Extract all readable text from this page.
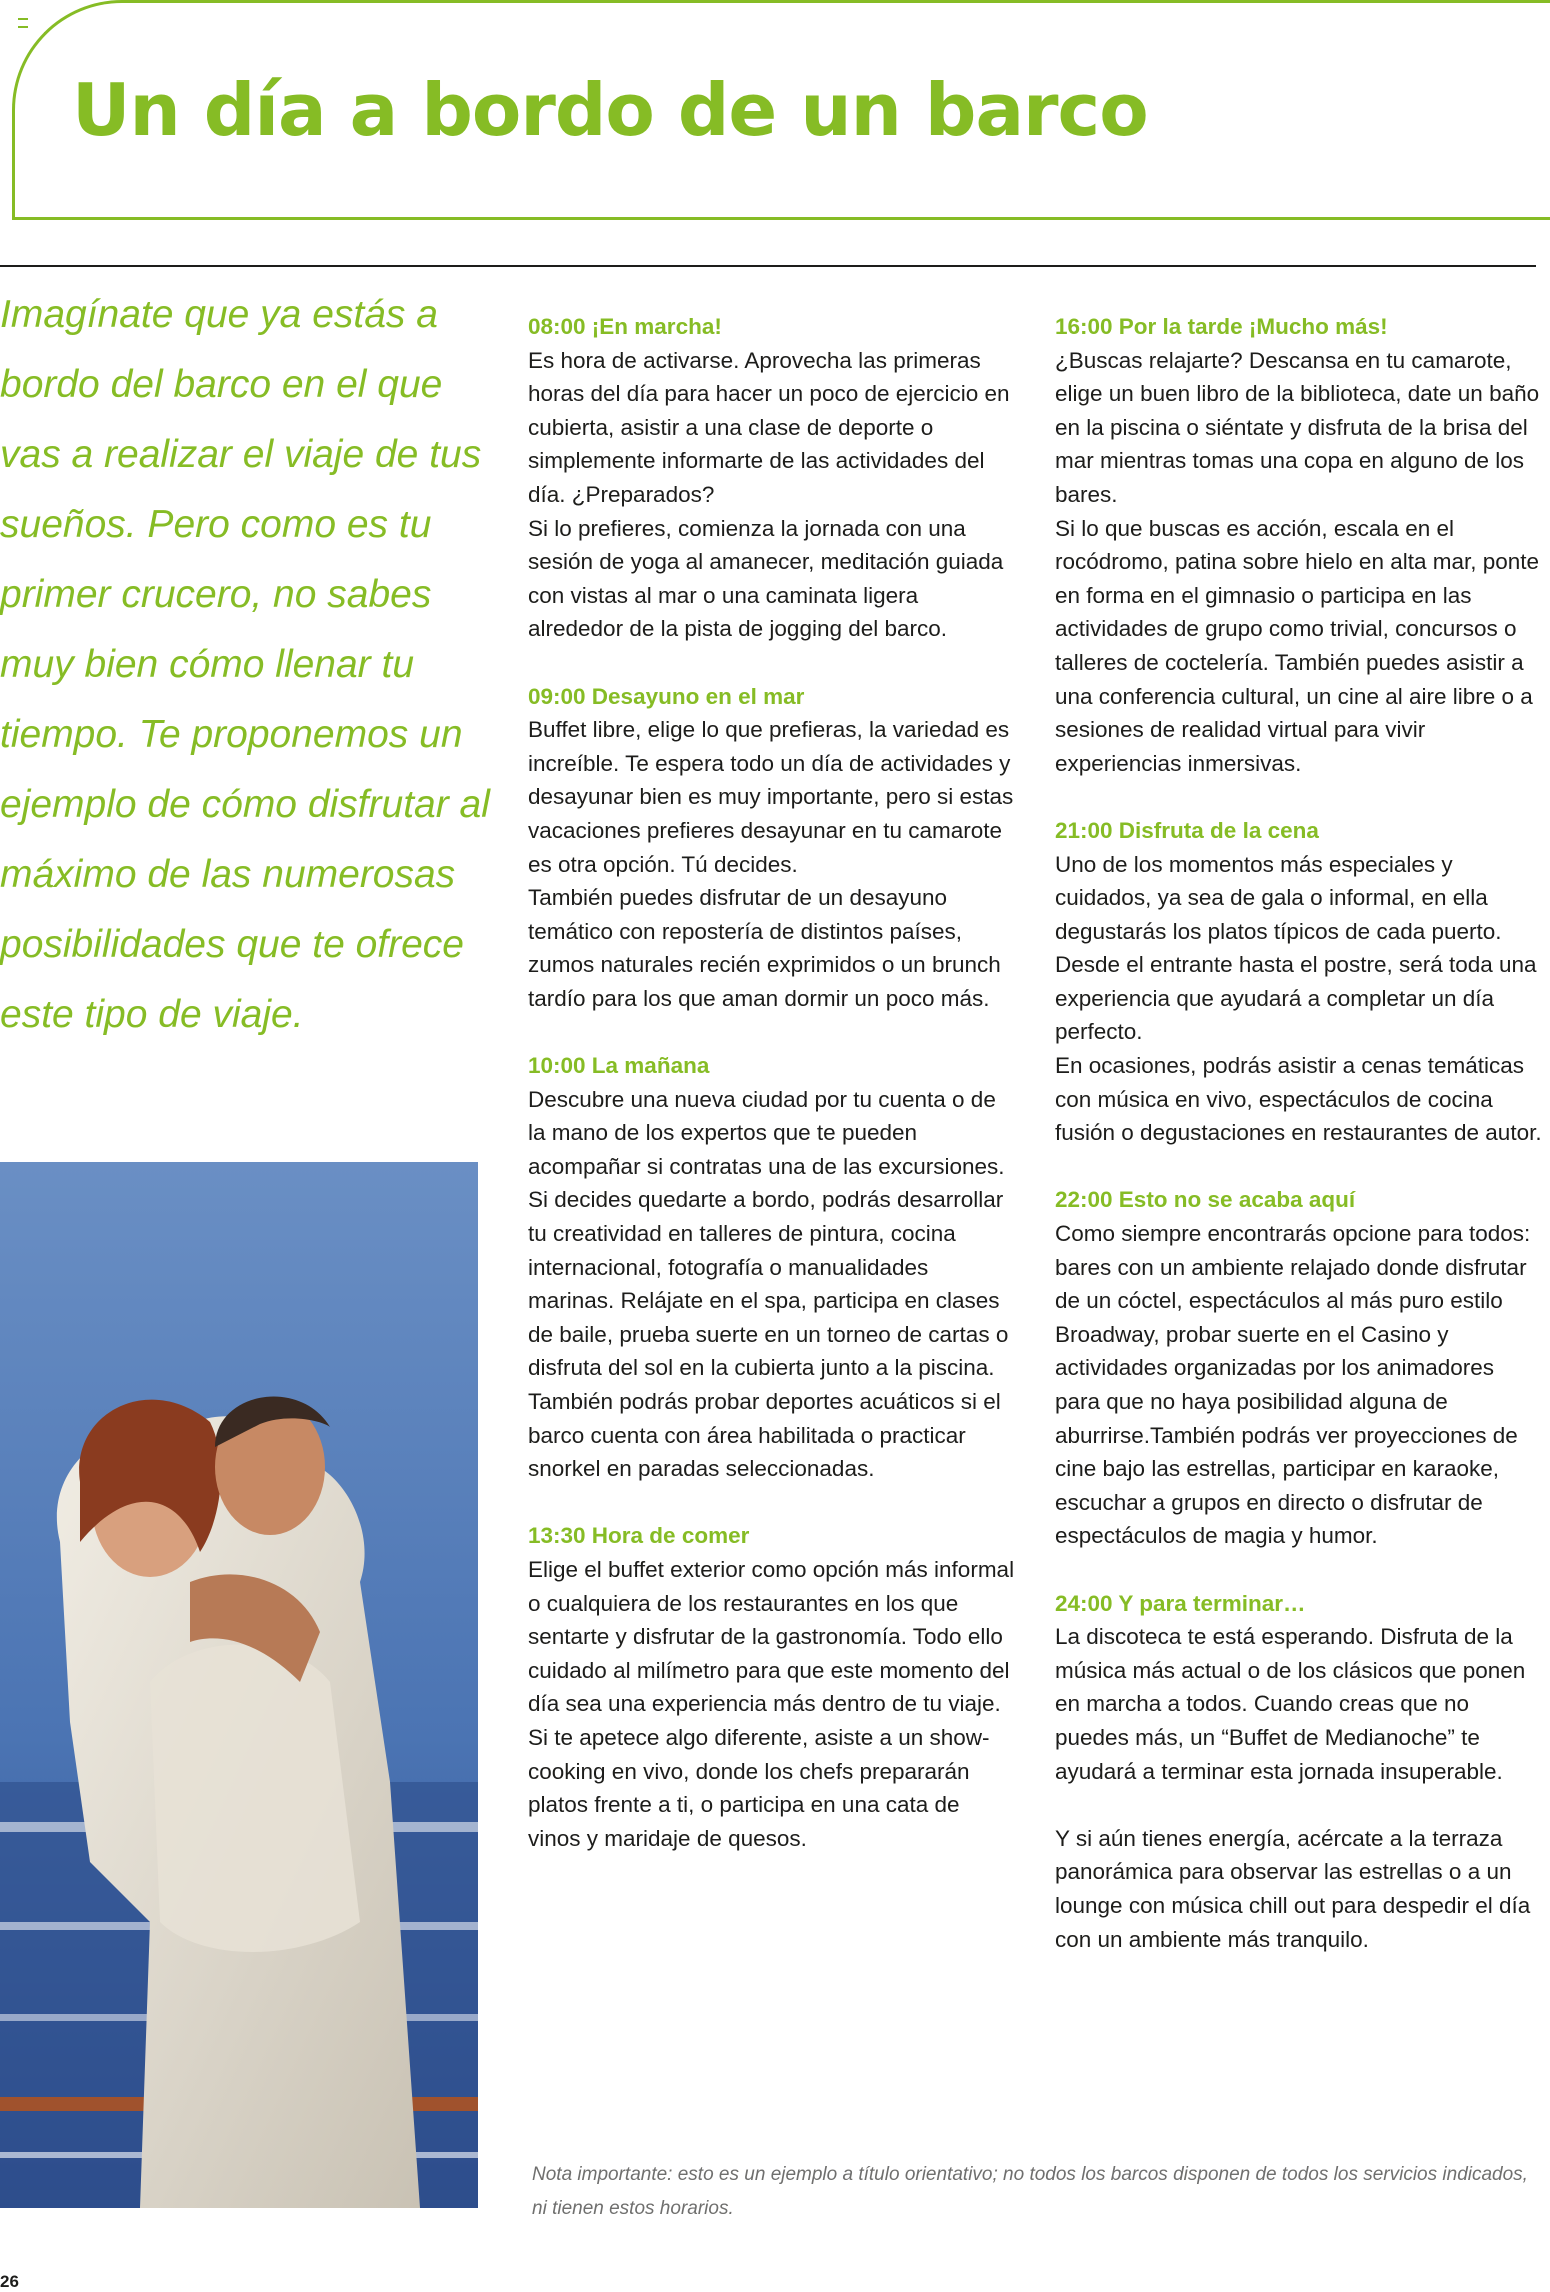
Un día a bordo de un barco

Imagínate que ya estás a bordo del barco en el que vas a realizar el viaje de tus sueños. Pero como es tu primer crucero, no sabes muy bien cómo llenar tu tiempo. Te proponemos un ejemplo de cómo disfrutar al máximo de las numerosas posibilidades que te ofrece este tipo de viaje.

08:00 ¡En marcha!

Es hora de activarse. Aprovecha las primeras horas del día para hacer un poco de ejercicio en cubierta, asistir a una clase de deporte o simplemente informarte de las actividades del día. ¿Preparados?

Si lo prefieres, comienza la jornada con una sesión de yoga al amanecer, meditación guiada con vistas al mar o una caminata ligera alrededor de la pista de jogging del barco.

09:00 Desayuno en el mar

Buffet libre, elige lo que prefieras, la variedad es increíble. Te espera todo un día de actividades y desayunar bien es muy importante, pero si estas vacaciones prefieres desayunar en tu camarote es otra opción. Tú decides.

También puedes disfrutar de un desayuno temático con repostería de distintos países, zumos naturales recién exprimidos o un brunch tardío para los que aman dormir un poco más.

10:00 La mañana

Descubre una nueva ciudad por tu cuenta o de la mano de los expertos que te pueden acompañar si contratas una de las excursiones.

Si decides quedarte a bordo, podrás desarrollar tu creatividad en talleres de pintura, cocina internacional, fotografía o manualidades marinas. Relájate en el spa, participa en clases de baile, prueba suerte en un torneo de cartas o disfruta del sol en la cubierta junto a la piscina. También podrás probar deportes acuáticos si el barco cuenta con área habilitada o practicar snorkel en paradas seleccionadas.

13:30 Hora de comer

Elige el buffet exterior como opción más informal o cualquiera de los restaurantes en los que sentarte y disfrutar de la gastronomía. Todo ello cuidado al milímetro para que este momento del día sea una experiencia más dentro de tu viaje.

Si te apetece algo diferente, asiste a un show-cooking en vivo, donde los chefs prepararán platos frente a ti, o participa en una cata de vinos y maridaje de quesos.

16:00 Por la tarde ¡Mucho más!

¿Buscas relajarte? Descansa en tu camarote, elige un buen libro de la biblioteca, date un baño en la piscina o siéntate y disfruta de la brisa del mar mientras tomas una copa en alguno de los bares.

Si lo que buscas es acción, escala en el rocódromo, patina sobre hielo en alta mar, ponte en forma en el gimnasio o participa en las actividades de grupo como trivial, concursos o talleres de coctelería. También puedes asistir a una conferencia cultural, un cine al aire libre o a sesiones de realidad virtual para vivir experiencias inmersivas.

21:00 Disfruta de la cena

Uno de los momentos más especiales y cuidados, ya sea de gala o informal, en ella degustarás los platos típicos de cada puerto. Desde el entrante hasta el postre, será toda una experiencia que ayudará a completar un día perfecto.

En ocasiones, podrás asistir a cenas temáticas con música en vivo, espectáculos de cocina fusión o degustaciones en restaurantes de autor.

22:00 Esto no se acaba aquí

Como siempre encontrarás opcione para todos: bares con un ambiente relajado donde disfrutar de un cóctel, espectáculos al más puro estilo Broadway, probar suerte en el Casino y actividades organizadas por los animadores para que no haya posibilidad alguna de aburrirse.También podrás ver proyecciones de cine bajo las estrellas, participar en karaoke, escuchar a grupos en directo o disfrutar de espectáculos de magia y humor.

24:00 Y para terminar…

La discoteca te está esperando. Disfruta de la música más actual o de los clásicos que ponen en marcha a todos. Cuando creas que no puedes más, un “Buffet de Medianoche” te ayudará a terminar esta jornada insuperable.

Y si aún tienes energía, acércate a la terraza panorámica para observar las estrellas o a un lounge con música chill out para despedir el día con un ambiente más tranquilo.

Nota importante: esto es un ejemplo a título orientativo; no todos los barcos disponen de todos los servicios indicados, ni tienen estos horarios.

26
